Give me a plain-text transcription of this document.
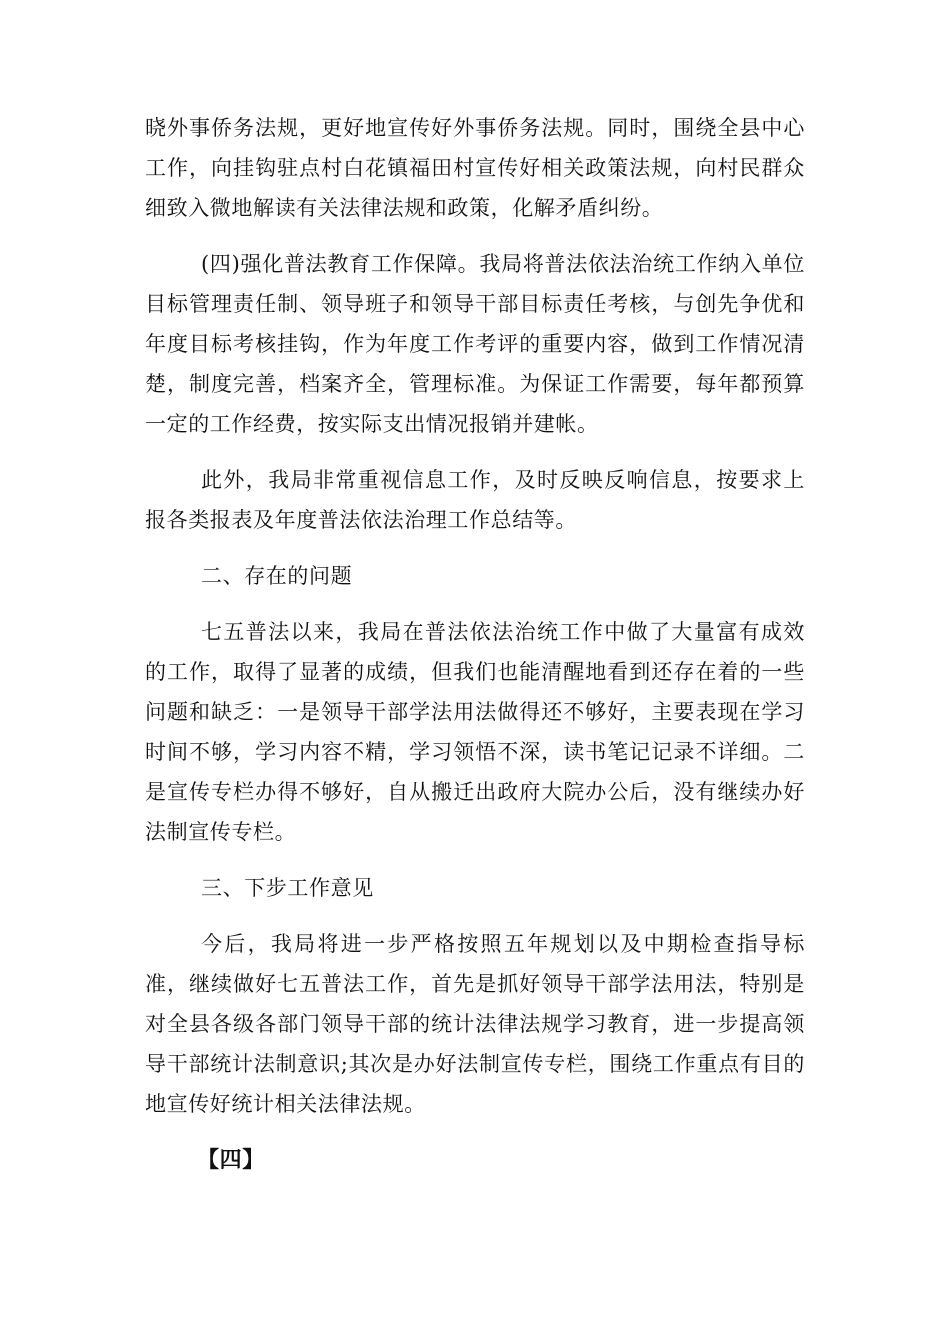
晓外事侨务法规，更好地宣传好外事侨务法规。同时，围绕全县中心工作，向挂钩驻点村白花镇福田村宣传好相关政策法规，向村民群众细致入微地解读有关法律法规和政策，化解矛盾纠纷。

(四)强化普法教育工作保障。我局将普法依法治统工作纳入单位目标管理责任制、领导班子和领导干部目标责任考核，与创先争优和年度目标考核挂钩，作为年度工作考评的重要内容，做到工作情况清楚，制度完善，档案齐全，管理标准。为保证工作需要，每年都预算一定的工作经费，按实际支出情况报销并建帐。

此外，我局非常重视信息工作，及时反映反响信息，按要求上报各类报表及年度普法依法治理工作总结等。

二、存在的问题

七五普法以来，我局在普法依法治统工作中做了大量富有成效的工作，取得了显著的成绩，但我们也能清醒地看到还存在着的一些问题和缺乏：一是领导干部学法用法做得还不够好，主要表现在学习时间不够，学习内容不精，学习领悟不深，读书笔记记录不详细。二是宣传专栏办得不够好，自从搬迁出政府大院办公后，没有继续办好法制宣传专栏。

三、下步工作意见

今后，我局将进一步严格按照五年规划以及中期检查指导标准，继续做好七五普法工作，首先是抓好领导干部学法用法，特别是对全县各级各部门领导干部的统计法律法规学习教育，进一步提高领导干部统计法制意识;其次是办好法制宣传专栏，围绕工作重点有目的地宣传好统计相关法律法规。

【四】
